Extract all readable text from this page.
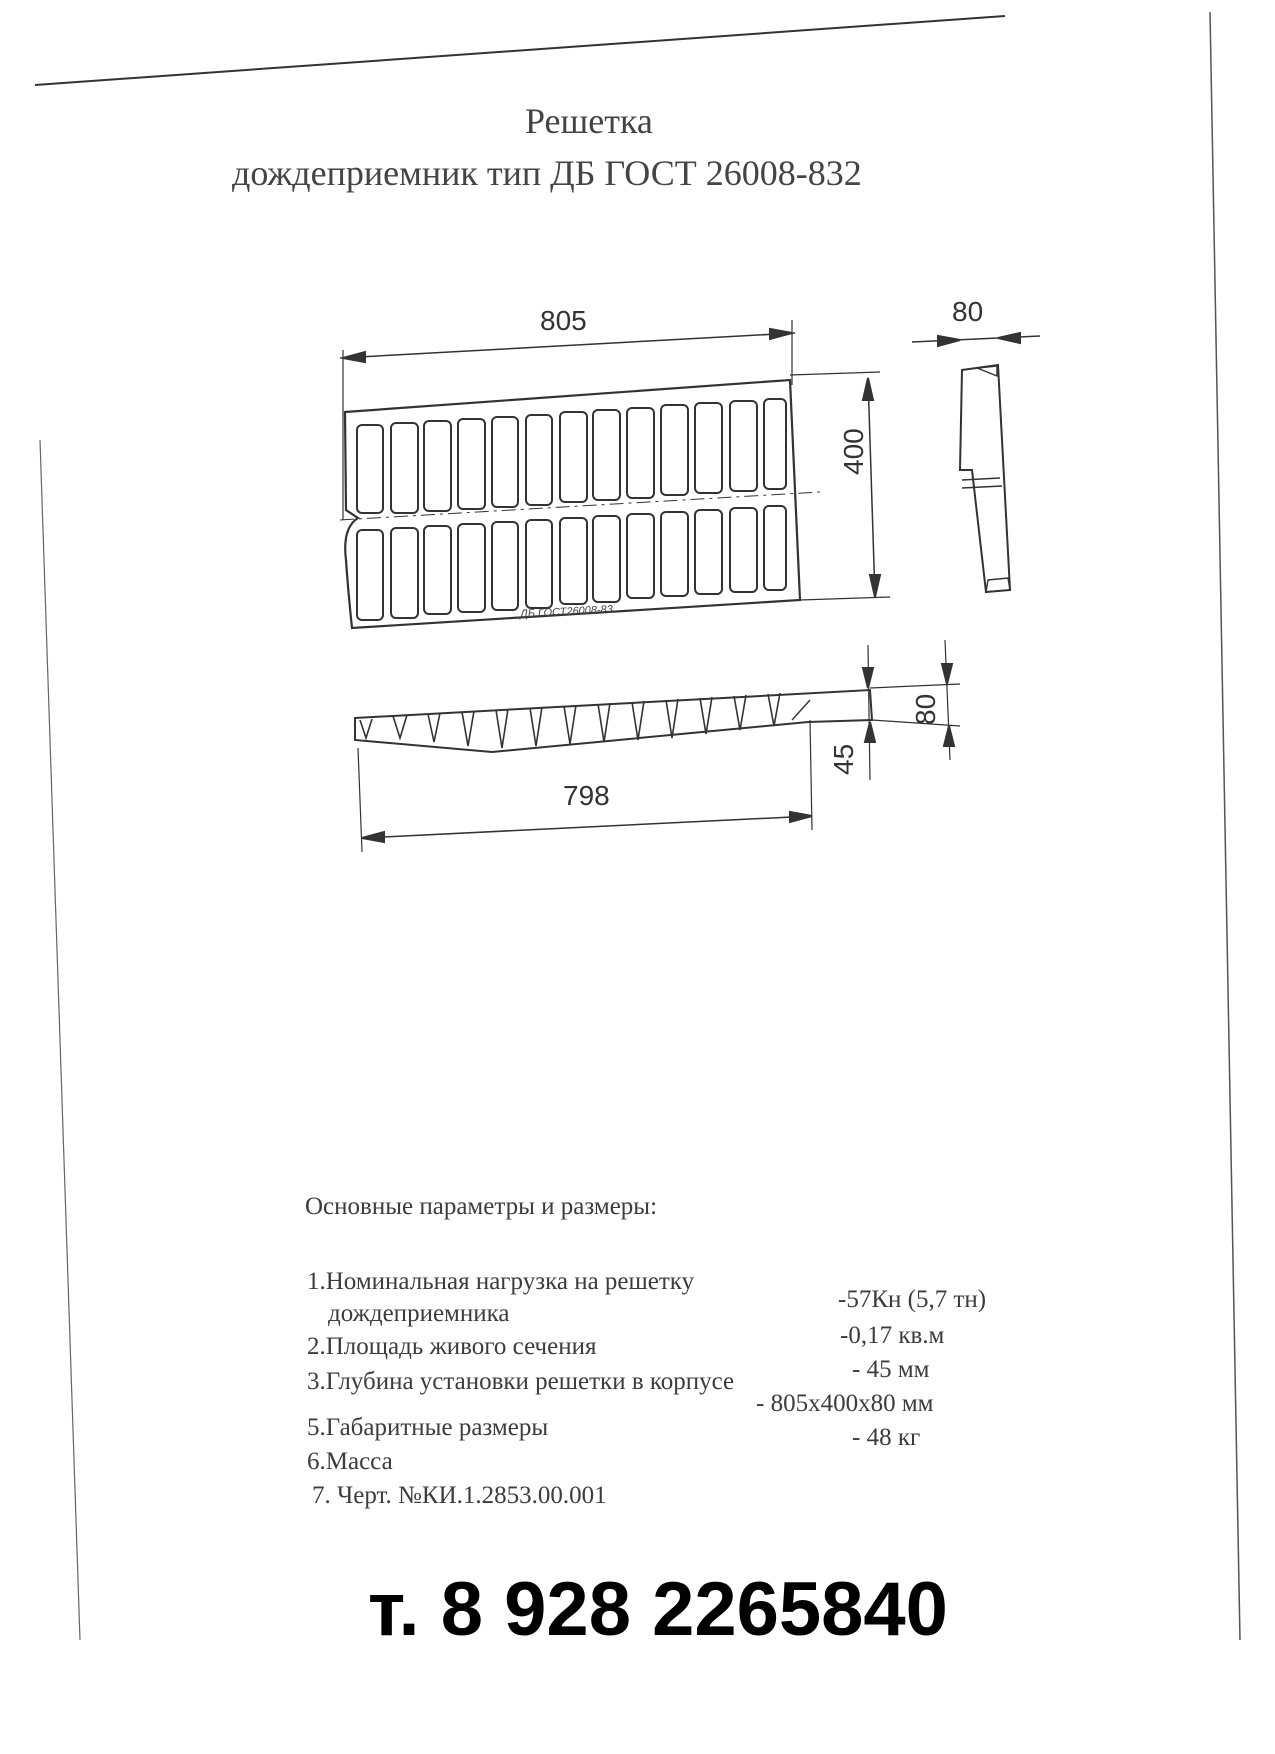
Решетка
дождеприемник тип ДБ ГОСТ 26008-832
805
400
80
798
80
45
ДБ ГОСТ26008-83
Основные параметры и размеры:
1.Номинальная нагрузка на решетку
дождеприемника
-57Кн (5,7 тн)
2.Площадь живого сечения	-0,17 кв.м
3.Глубина установки решетки в корпусе	- 45 мм
5.Габаритные размеры
- 805х400х80 мм
6.Масса
- 48 кг
7. Черт. №КИ.1.2853.00.001
т. 8 928 2265840
